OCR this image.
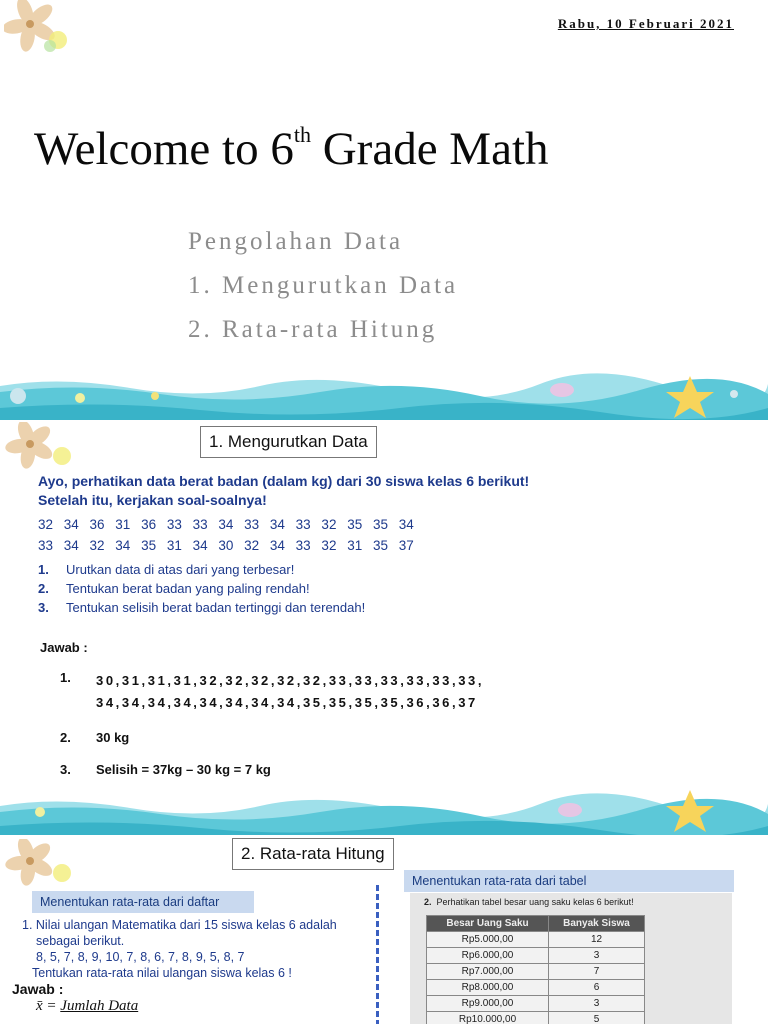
Rabu, 10 Februari 2021
Welcome to 6th Grade Math
Pengolahan Data
1. Mengurutkan Data
2. Rata-rata Hitung
1. Mengurutkan Data
Ayo, perhatikan data berat badan (dalam kg) dari 30 siswa kelas 6 berikut!
Setelah itu, kerjakan soal-soalnya!
32 34 36 31 36 33 33 34 33 34 33 32 35 35 34
33 34 32 34 35 31 34 30 32 34 33 32 31 35 37
1.	Urutkan data di atas dari yang terbesar!
2.	Tentukan berat badan yang paling rendah!
3.	Tentukan selisih berat badan tertinggi dan terendah!
Jawab :
1.	30,31,31,31,32,32,32,32,32,33,33,33,33,33,33,
34,34,34,34,34,34,34,34,35,35,35,35,36,36,37
2.	30 kg
3.	Selisih = 37kg – 30 kg = 7 kg
2. Rata-rata Hitung
Menentukan rata-rata dari daftar
Menentukan rata-rata dari tabel
1. Nilai ulangan Matematika dari 15 siswa kelas 6 adalah
sebagai berikut.
8, 5, 7, 8, 9, 10, 7, 8, 6, 7, 8, 9, 5, 8, 7
Tentukan rata-rata nilai ulangan siswa kelas 6 !
Jawab :
x̄ = Jumlah Data
2. Perhatikan tabel besar uang saku kelas 6 berikut!
Besar Uang Saku	Banyak Siswa
Rp5.000,00	12
Rp6.000,00	3
Rp7.000,00	7
Rp8.000,00	6
Rp9.000,00	3
Rp10.000,00	5
